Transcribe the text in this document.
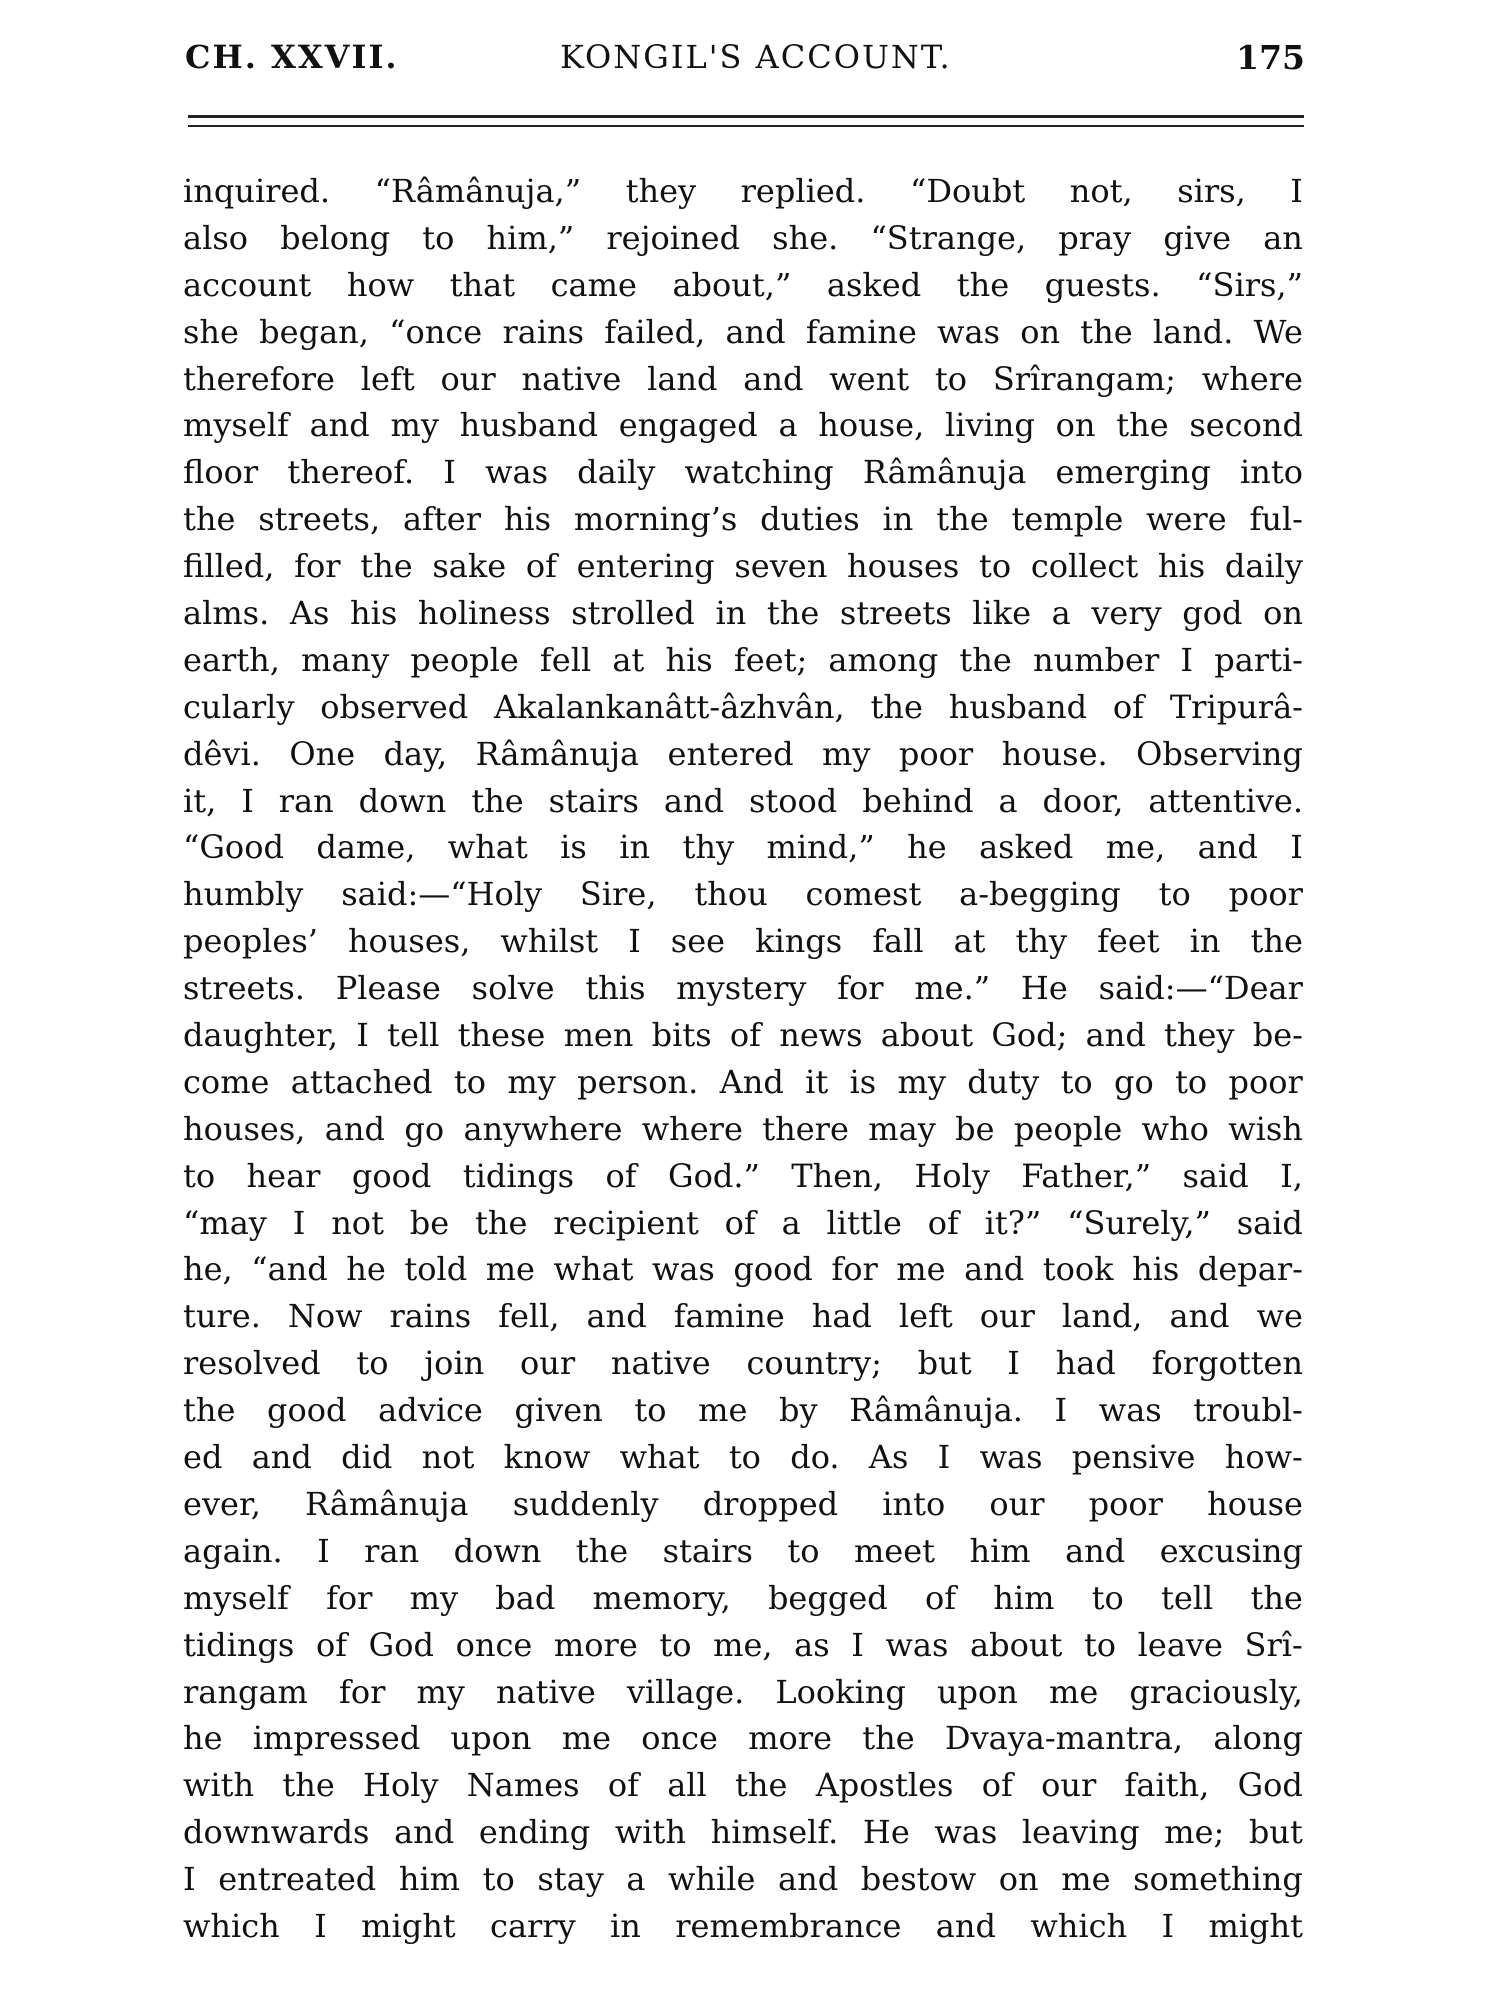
CH. XXVII.	KONGIL'S ACCOUNT.	175
inquired. “Râmânuja,” they replied. “Doubt not, sirs, I
also belong to him,” rejoined she. “Strange, pray give an
account how that came about,” asked the guests. “Sirs,”
she began, “once rains failed, and famine was on the land. We
therefore left our native land and went to Srîrangam; where
myself and my husband engaged a house, living on the second
floor thereof. I was daily watching Râmânuja emerging into
the streets, after his morning’s duties in the temple were ful-
filled, for the sake of entering seven houses to collect his daily
alms. As his holiness strolled in the streets like a very god on
earth, many people fell at his feet; among the number I parti-
cularly observed Akalankanâtt-âzhvân, the husband of Tripurâ-
dêvi. One day, Râmânuja entered my poor house. Observing
it, I ran down the stairs and stood behind a door, attentive.
“Good dame, what is in thy mind,” he asked me, and I
humbly said:—“Holy Sire, thou comest a-begging to poor
peoples’ houses, whilst I see kings fall at thy feet in the
streets. Please solve this mystery for me.” He said:—“Dear
daughter, I tell these men bits of news about God; and they be-
come attached to my person. And it is my duty to go to poor
houses, and go anywhere where there may be people who wish
to hear good tidings of God.” Then, Holy Father,” said I,
“may I not be the recipient of a little of it?” “Surely,” said
he, “and he told me what was good for me and took his depar-
ture. Now rains fell, and famine had left our land, and we
resolved to join our native country; but I had forgotten
the good advice given to me by Râmânuja. I was troubl-
ed and did not know what to do. As I was pensive how-
ever, Râmânuja suddenly dropped into our poor house
again. I ran down the stairs to meet him and excusing
myself for my bad memory, begged of him to tell the
tidings of God once more to me, as I was about to leave Srî-
rangam for my native village. Looking upon me graciously,
he impressed upon me once more the Dvaya-mantra, along
with the Holy Names of all the Apostles of our faith, God
downwards and ending with himself. He was leaving me; but
I entreated him to stay a while and bestow on me something
which I might carry in remembrance and which I might
